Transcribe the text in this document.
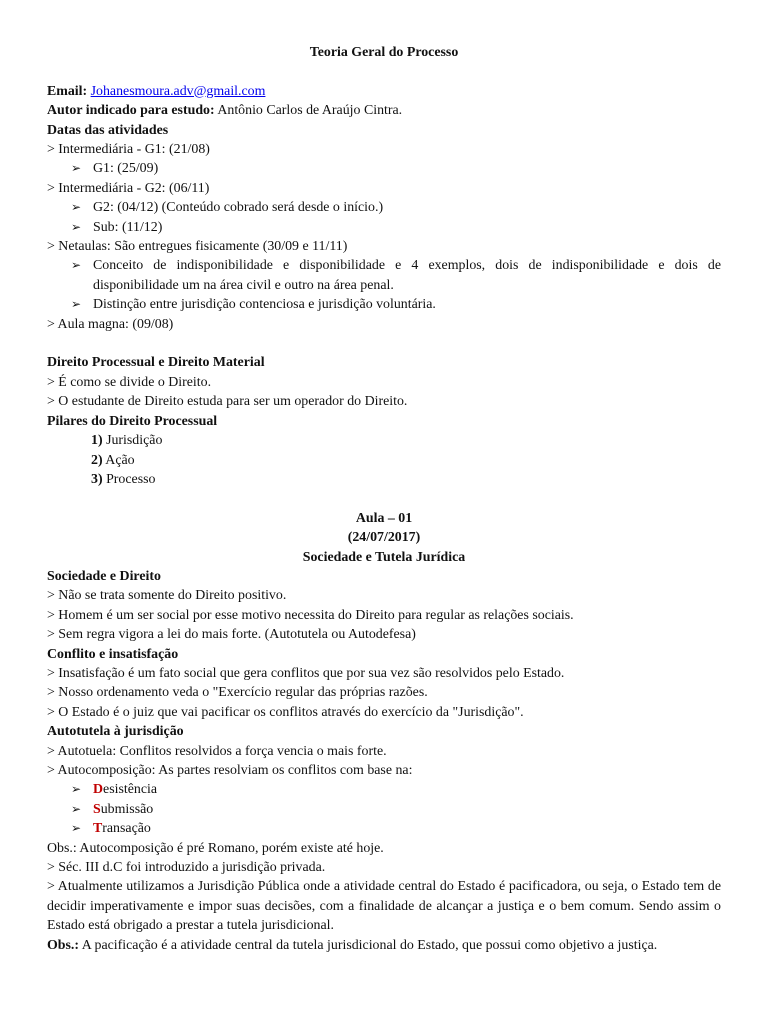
Teoria Geral do Processo
Email: Johanesmoura.adv@gmail.com
Autor indicado para estudo: Antônio Carlos de Araújo Cintra.
Datas das atividades
> Intermediária - G1: (21/08)
➢ G1: (25/09)
> Intermediária - G2: (06/11)
➢ G2: (04/12) (Conteúdo cobrado será desde o início.)
➢ Sub: (11/12)
> Netaulas: São entregues fisicamente (30/09 e 11/11)
➢ Conceito de indisponibilidade e disponibilidade e 4 exemplos, dois de indisponibilidade e dois de disponibilidade um na área civil e outro na área penal.
➢ Distinção entre jurisdição contenciosa e jurisdição voluntária.
> Aula magna: (09/08)
Direito Processual e Direito Material
> É como se divide o Direito.
> O estudante de Direito estuda para ser um operador do Direito.
Pilares do Direito Processual
1) Jurisdição
2) Ação
3) Processo
Aula – 01
(24/07/2017)
Sociedade e Tutela Jurídica
Sociedade e Direito
> Não se trata somente do Direito positivo.
> Homem é um ser social por esse motivo necessita do Direito para regular as relações sociais.
> Sem regra vigora a lei do mais forte. (Autotutela ou Autodefesa)
Conflito e insatisfação
> Insatisfação é um fato social que gera conflitos que por sua vez são resolvidos pelo Estado.
> Nosso ordenamento veda o "Exercício regular das próprias razões.
> O Estado é o juiz que vai pacificar os conflitos através do exercício da "Jurisdição".
Autotutela à jurisdição
> Autotuela: Conflitos resolvidos a força vencia o mais forte.
> Autocomposição: As partes resolviam os conflitos com base na:
➢ Desistência
➢ Submissão
➢ Transação
Obs.: Autocomposição é pré Romano, porém existe até hoje.
> Séc. III d.C foi introduzido a jurisdição privada.
> Atualmente utilizamos a Jurisdição Pública onde a atividade central do Estado é pacificadora, ou seja, o Estado tem de decidir imperativamente e impor suas decisões, com a finalidade de alcançar a justiça e o bem comum. Sendo assim o Estado está obrigado a prestar a tutela jurisdicional.
Obs.: A pacificação é a atividade central da tutela jurisdicional do Estado, que possui como objetivo a justiça.
